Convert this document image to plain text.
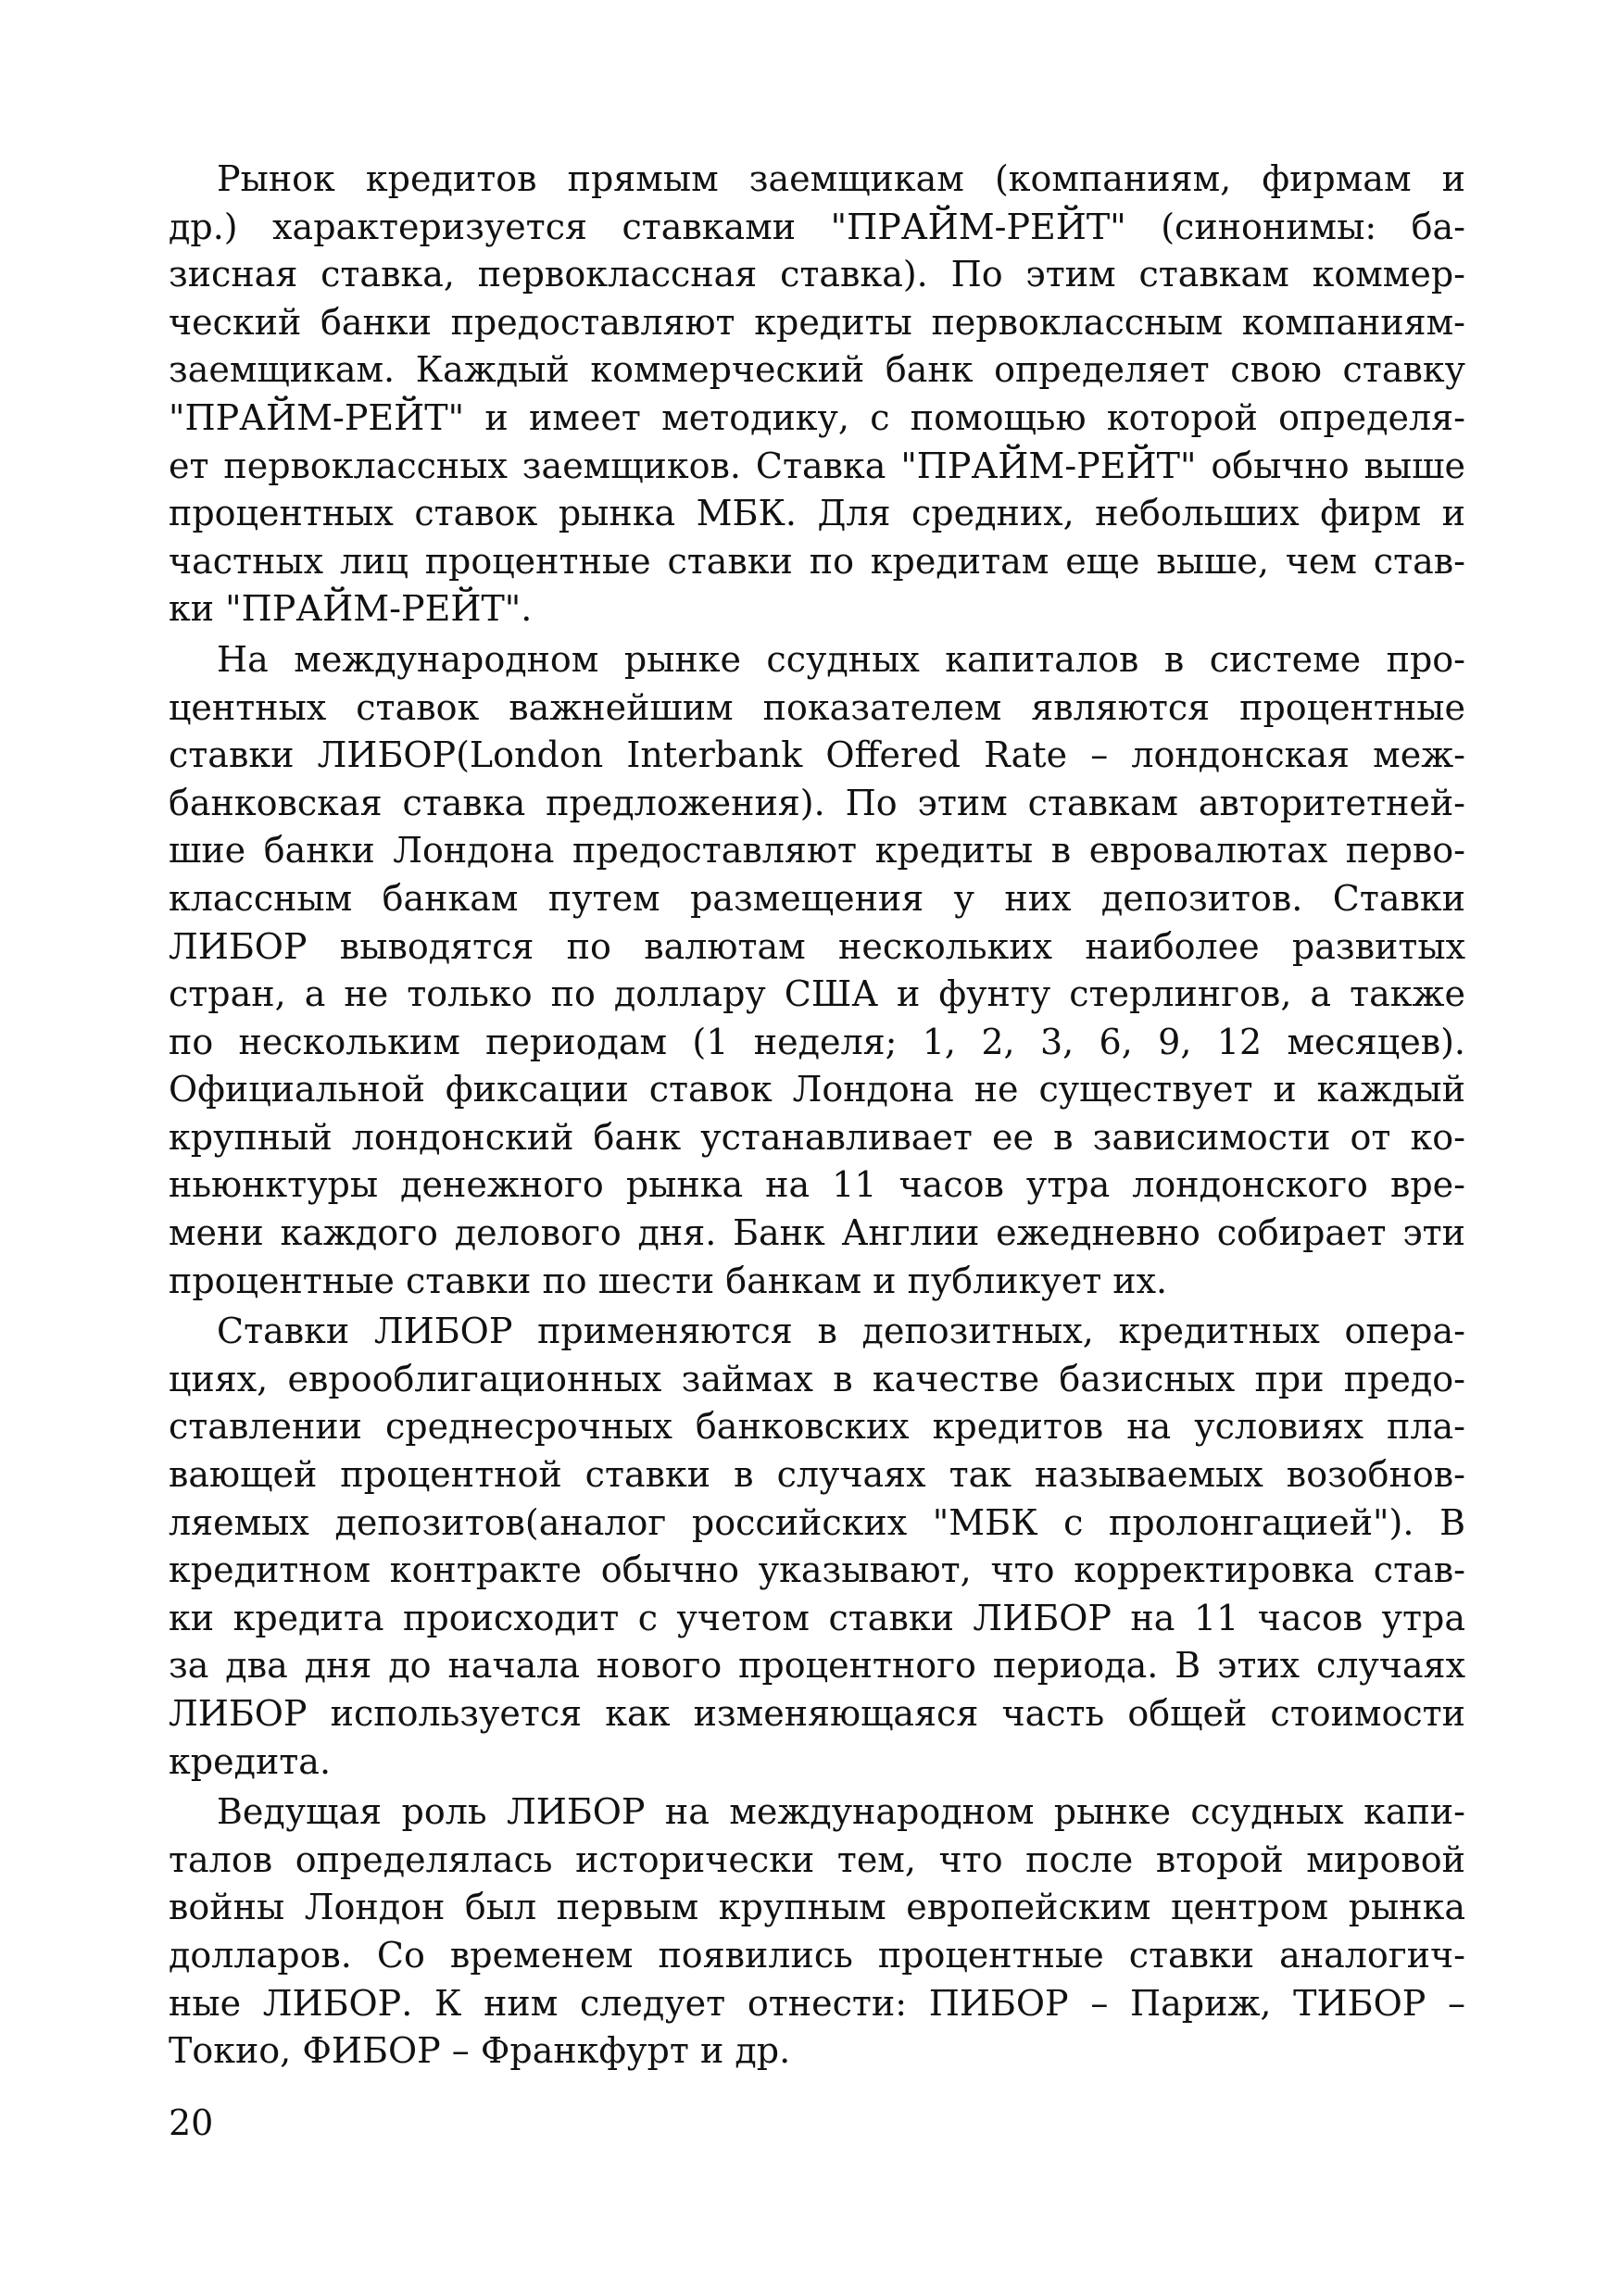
Рынок кредитов прямым заемщикам (компаниям, фирмам и
др.) характеризуется ставками "ПРАЙМ-РЕЙТ" (синонимы: ба-
зисная ставка, первоклассная ставка). По этим ставкам коммер-
ческий банки предоставляют кредиты первоклассным компаниям-
заемщикам. Каждый коммерческий банк определяет свою ставку
"ПРАЙМ-РЕЙТ" и имеет методику, с помощью которой определя-
ет первоклассных заемщиков. Ставка "ПРАЙМ-РЕЙТ" обычно выше
процентных ставок рынка МБК. Для средних, небольших фирм и
частных лиц процентные ставки по кредитам еще выше, чем став-
ки "ПРАЙМ-РЕЙТ".
На международном рынке ссудных капиталов в системе про-
центных ставок важнейшим показателем являются процентные
ставки ЛИБОР(London Interbank Offered Rate – лондонская меж-
банковская ставка предложения). По этим ставкам авторитетней-
шие банки Лондона предоставляют кредиты в евровалютах перво-
классным банкам путем размещения у них депозитов. Ставки
ЛИБОР выводятся по валютам нескольких наиболее развитых
стран, а не только по доллару США и фунту стерлингов, а также
по нескольким периодам (1 неделя; 1, 2, 3, 6, 9, 12 месяцев).
Официальной фиксации ставок Лондона не существует и каждый
крупный лондонский банк устанавливает ее в зависимости от ко-
ньюнктуры денежного рынка на 11 часов утра лондонского вре-
мени каждого делового дня. Банк Англии ежедневно собирает эти
процентные ставки по шести банкам и публикует их.
Ставки ЛИБОР применяются в депозитных, кредитных опера-
циях, еврооблигационных займах в качестве базисных при предо-
ставлении среднесрочных банковских кредитов на условиях пла-
вающей процентной ставки в случаях так называемых возобнов-
ляемых депозитов(аналог российских "МБК с пролонгацией"). В
кредитном контракте обычно указывают, что корректировка став-
ки кредита происходит с учетом ставки ЛИБОР на 11 часов утра
за два дня до начала нового процентного периода. В этих случаях
ЛИБОР используется как изменяющаяся часть общей стоимости
кредита.
Ведущая роль ЛИБОР на международном рынке ссудных капи-
талов определялась исторически тем, что после второй мировой
войны Лондон был первым крупным европейским центром рынка
долларов. Со временем появились процентные ставки аналогич-
ные ЛИБОР. К ним следует отнести: ПИБОР – Париж, ТИБОР –
Токио, ФИБОР – Франкфурт и др.
20
